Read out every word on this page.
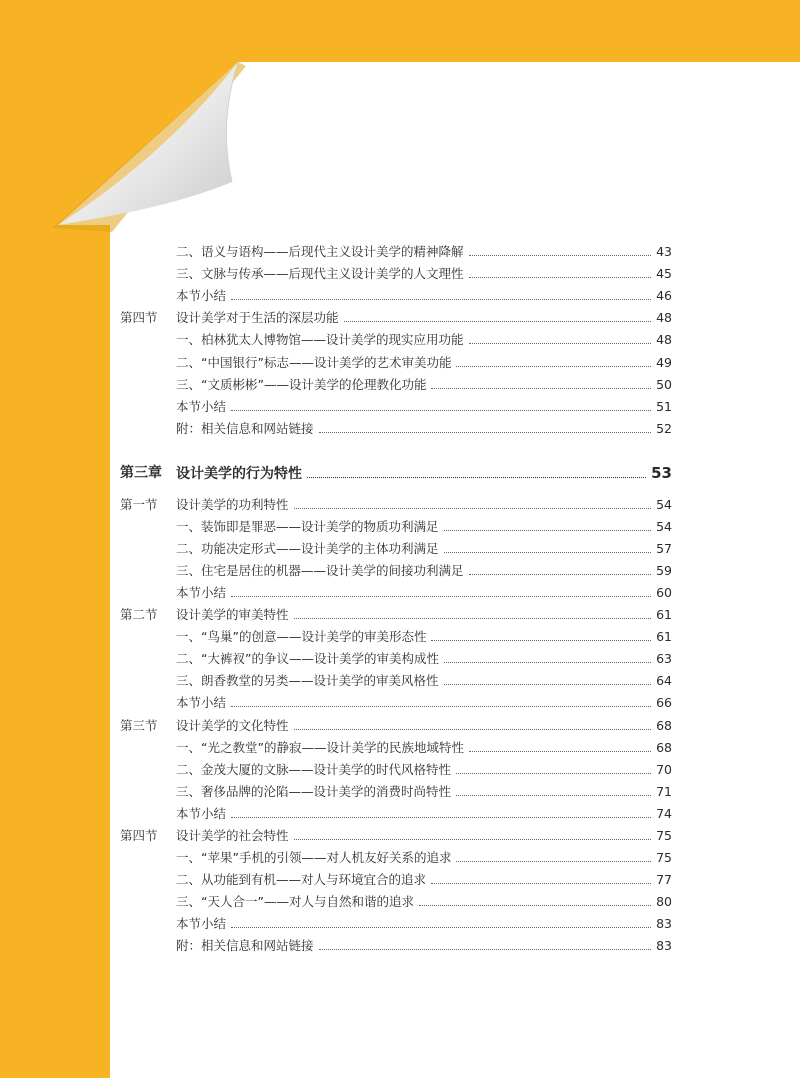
二、语义与语构——后现代主义设计美学的精神降解	43
三、文脉与传承——后现代主义设计美学的人文理性	45
本节小结	46
第四节 设计美学对于生活的深层功能	48
一、柏林犹太人博物馆——设计美学的现实应用功能	48
二、“中国银行”标志——设计美学的艺术审美功能	49
三、“文质彬彬”——设计美学的伦理教化功能	50
本节小结	51
附：相关信息和网站链接	52
第三章 设计美学的行为特性	53
第一节 设计美学的功利特性	54
一、装饰即是罪恶——设计美学的物质功利满足	54
二、功能决定形式——设计美学的主体功利满足	57
三、住宅是居住的机器——设计美学的间接功利满足	59
本节小结	60
第二节 设计美学的审美特性	61
一、“鸟巢”的创意——设计美学的审美形态性	61
二、“大裤衩”的争议——设计美学的审美构成性	63
三、朗香教堂的另类——设计美学的审美风格性	64
本节小结	66
第三节 设计美学的文化特性	68
一、“光之教堂”的静寂——设计美学的民族地域特性	68
二、金茂大厦的文脉——设计美学的时代风格特性	70
三、奢侈品牌的沦陷——设计美学的消费时尚特性	71
本节小结	74
第四节 设计美学的社会特性	75
一、“苹果”手机的引领——对人机友好关系的追求	75
二、从功能到有机——对人与环境宜合的追求	77
三、“天人合一”——对人与自然和谐的追求	80
本节小结	83
附：相关信息和网站链接	83
